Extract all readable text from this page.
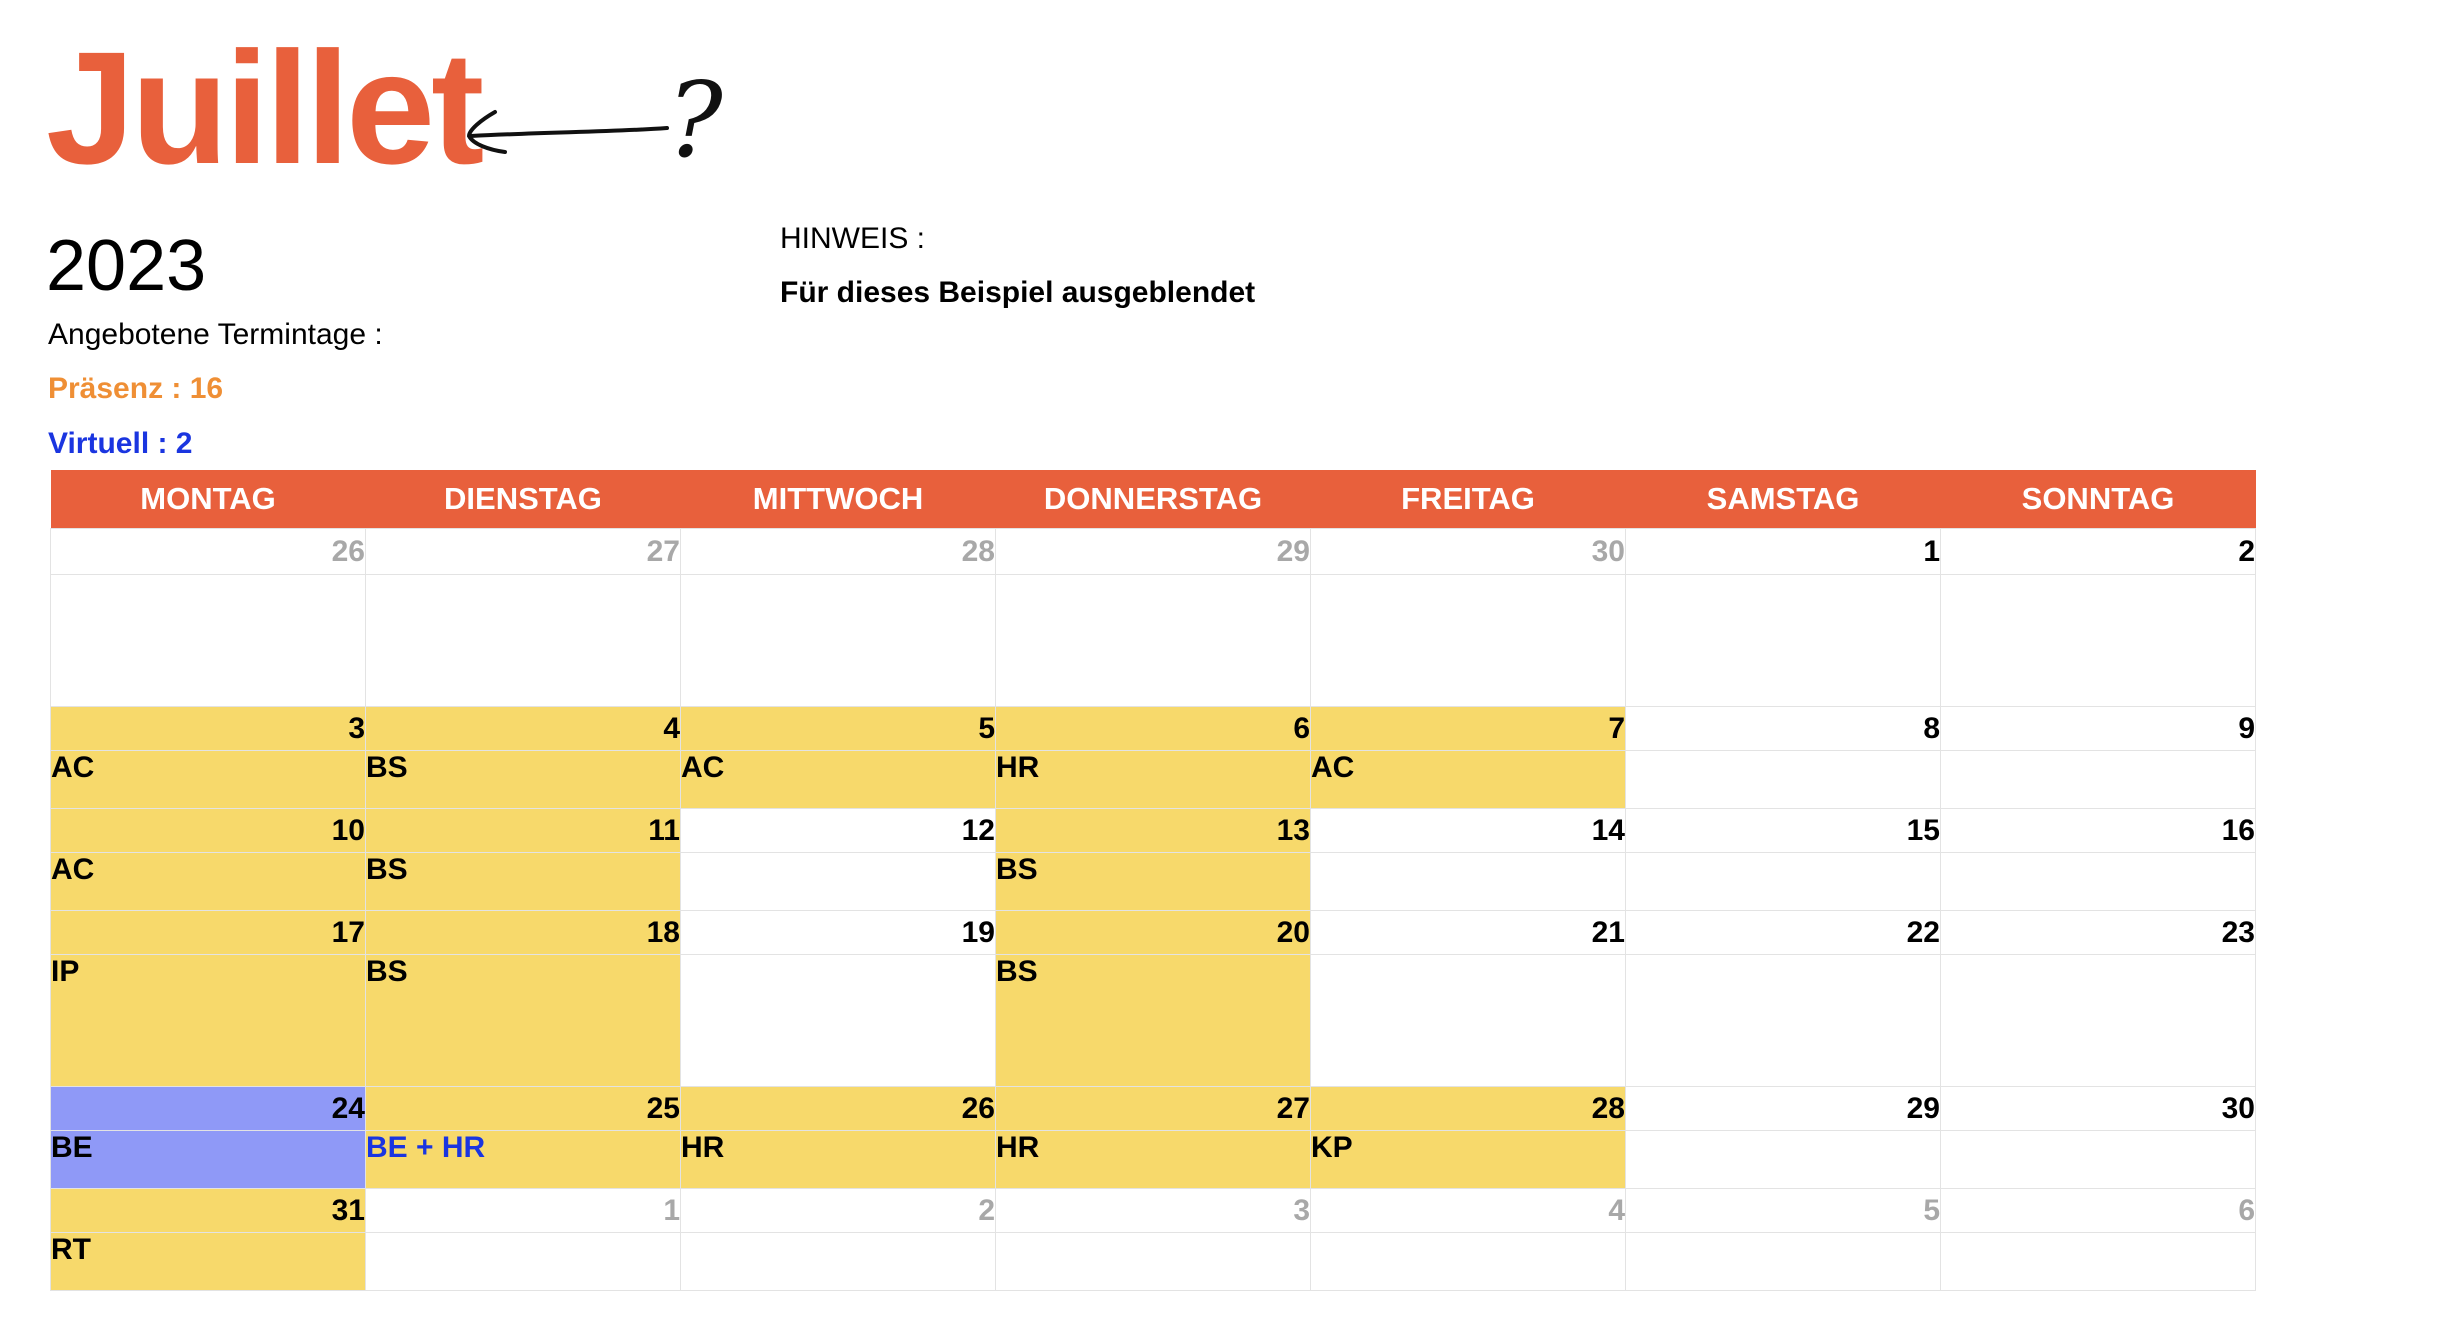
Juillet ?
2023
Angebotene Termintage :
Präsenz : 16
Virtuell : 2
HINWEIS :
Für dieses Beispiel ausgeblendet
MONTAG	DIENSTAG	MITTWOCH	DONNERSTAG	FREITAG	SAMSTAG	SONNTAG
26	27	28	29	30	1	2

3	4	5	6	7	8	9
AC	BS	AC	HR	AC		
10	11	12	13	14	15	16
AC	BS		BS			
17	18	19	20	21	22	23
IP	BS		BS			
24	25	26	27	28	29	30
BE	BE + HR	HR	HR	KP		
31	1	2	3	4	5	6
RT						
